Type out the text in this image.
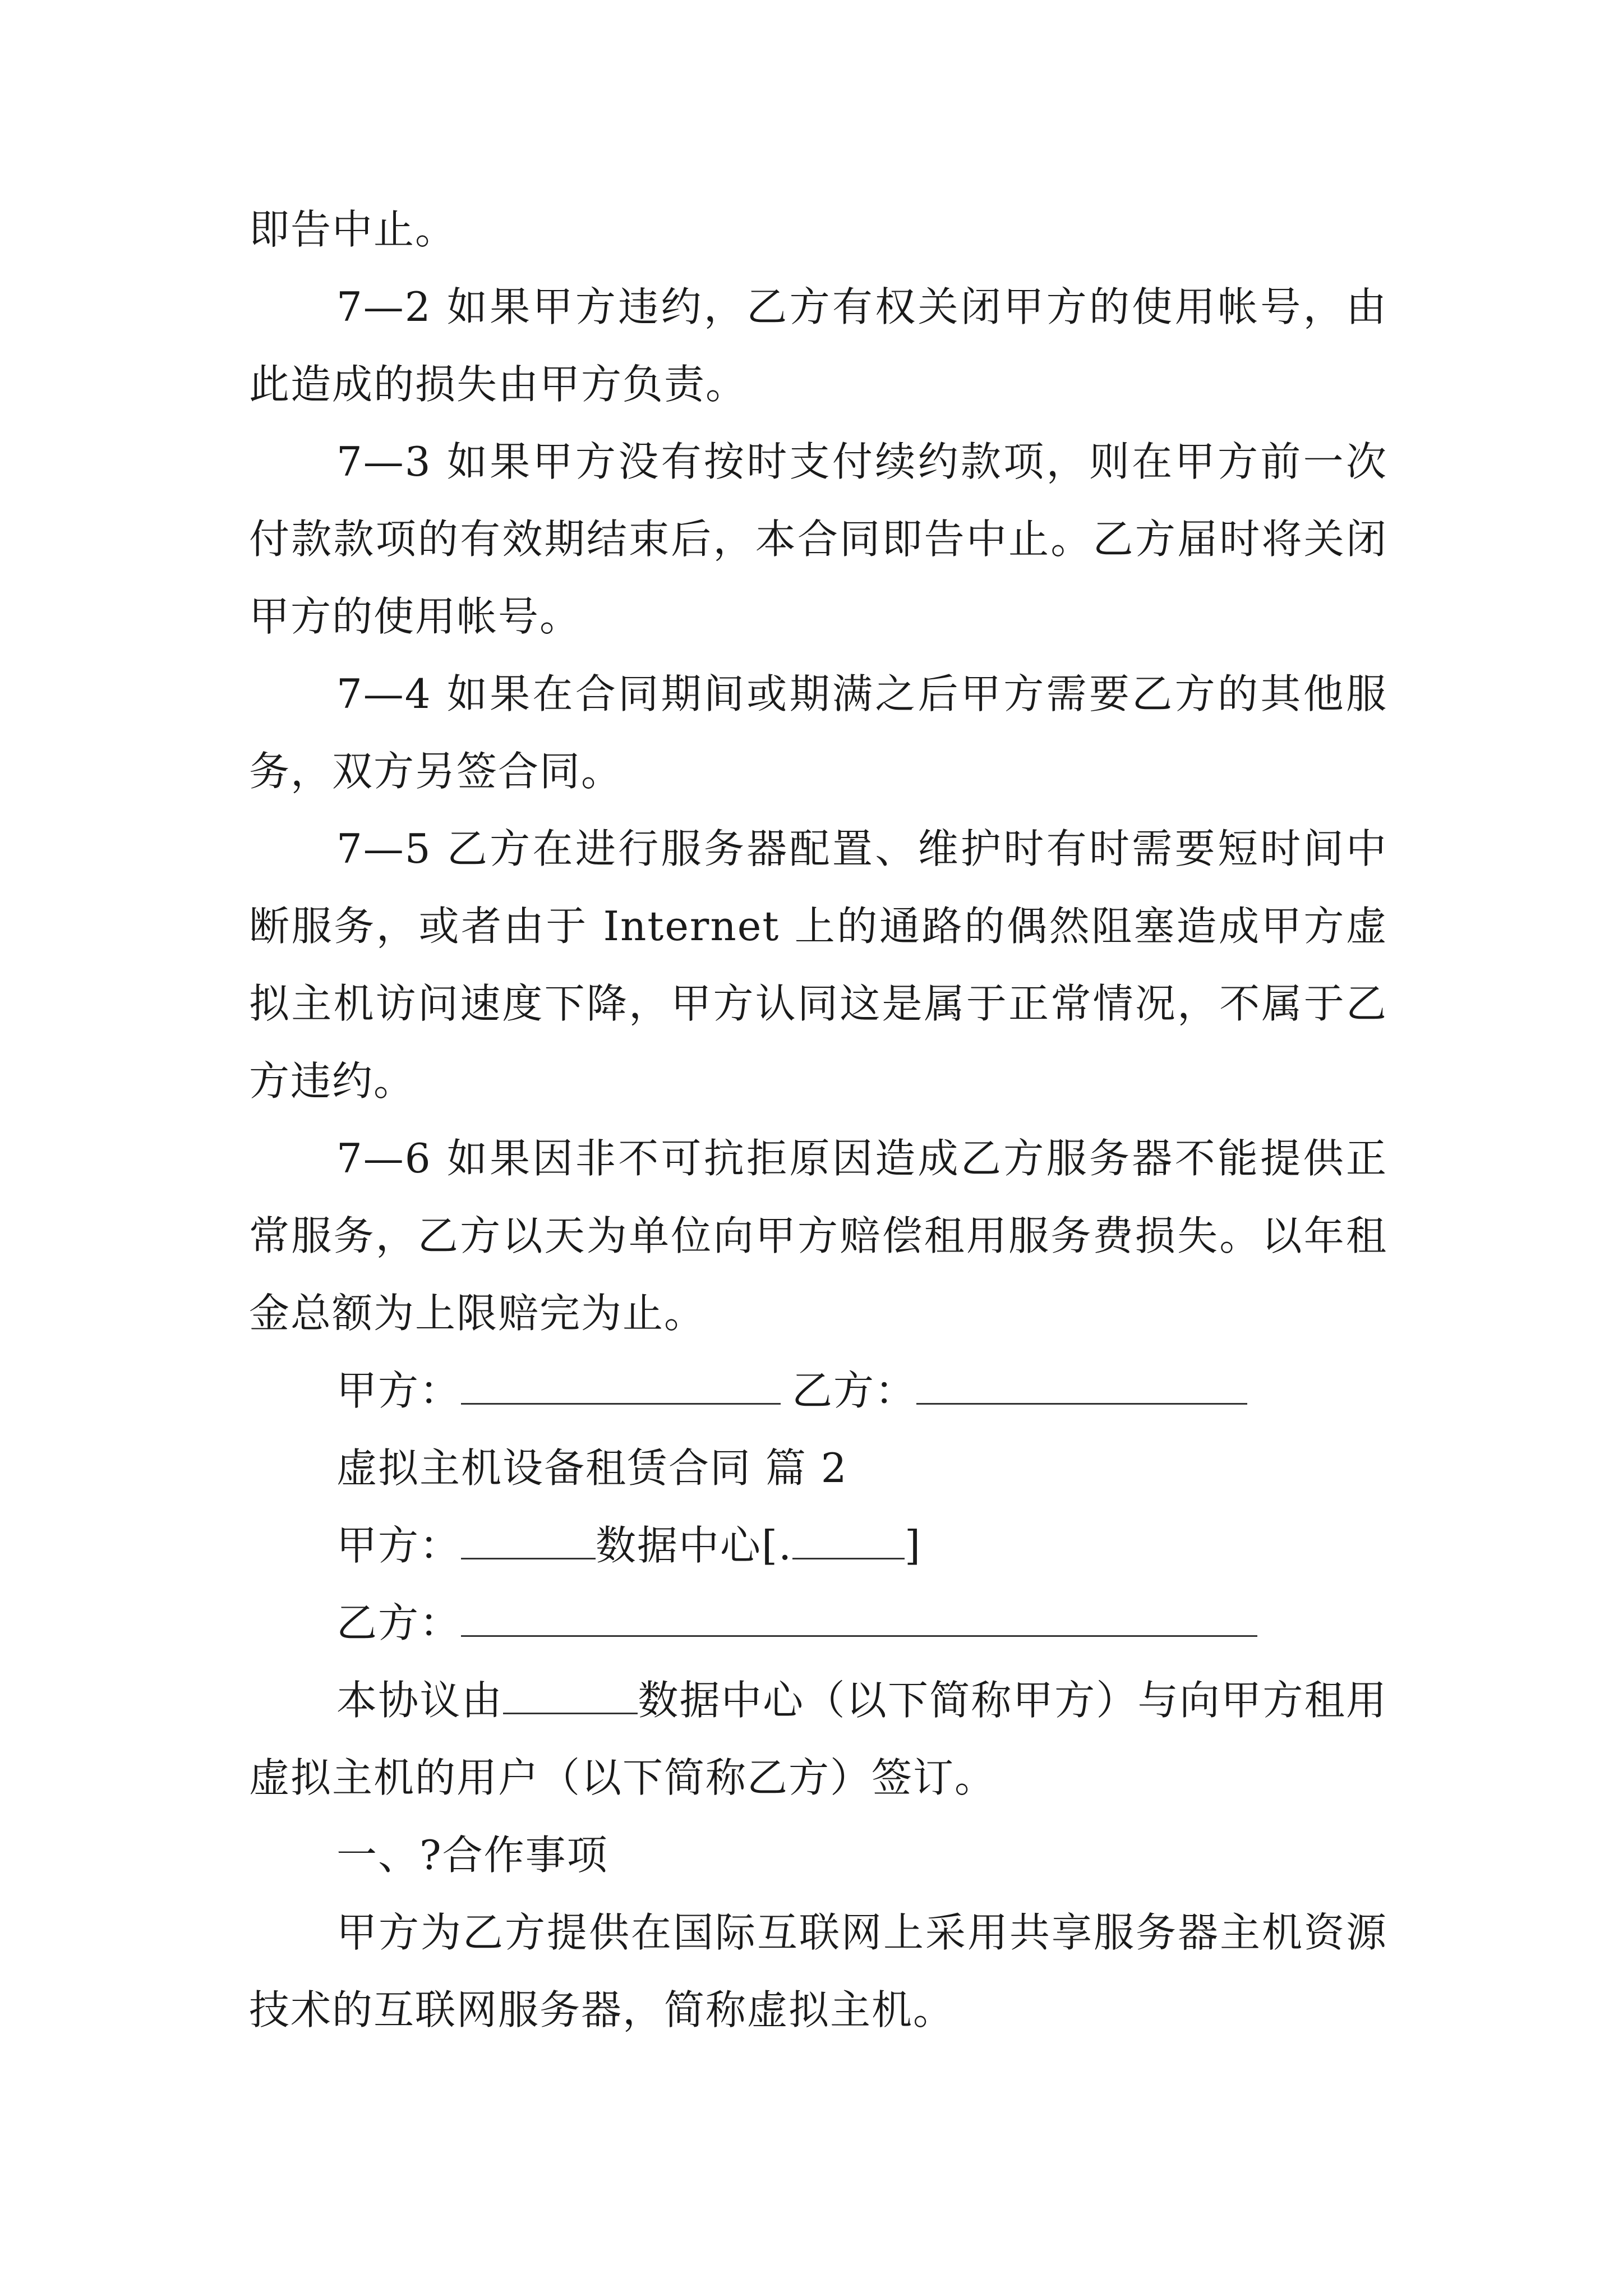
即告中止。

7—2 如果甲方违约，乙方有权关闭甲方的使用帐号，由此造成的损失由甲方负责。

7—3 如果甲方没有按时支付续约款项，则在甲方前一次付款款项的有效期结束后，本合同即告中止。乙方届时将关闭甲方的使用帐号。

7—4 如果在合同期间或期满之后甲方需要乙方的其他服务，双方另签合同。

7—5 乙方在进行服务器配置、维护时有时需要短时间中断服务，或者由于 Internet 上的通路的偶然阻塞造成甲方虚拟主机访问速度下降，甲方认同这是属于正常情况，不属于乙方违约。

7—6 如果因非不可抗拒原因造成乙方服务器不能提供正常服务，乙方以天为单位向甲方赔偿租用服务费损失。以年租金总额为上限赔完为止。

甲方：	乙方：
虚拟主机设备租赁合同 篇 2
甲方：	数据中心[.	]
乙方：

本协议由	数据中心（以下简称甲方）与向甲方租用虚拟主机的用户（以下简称乙方）签订。

一、?合作事项

甲方为乙方提供在国际互联网上采用共享服务器主机资源技术的互联网服务器，简称虚拟主机。
